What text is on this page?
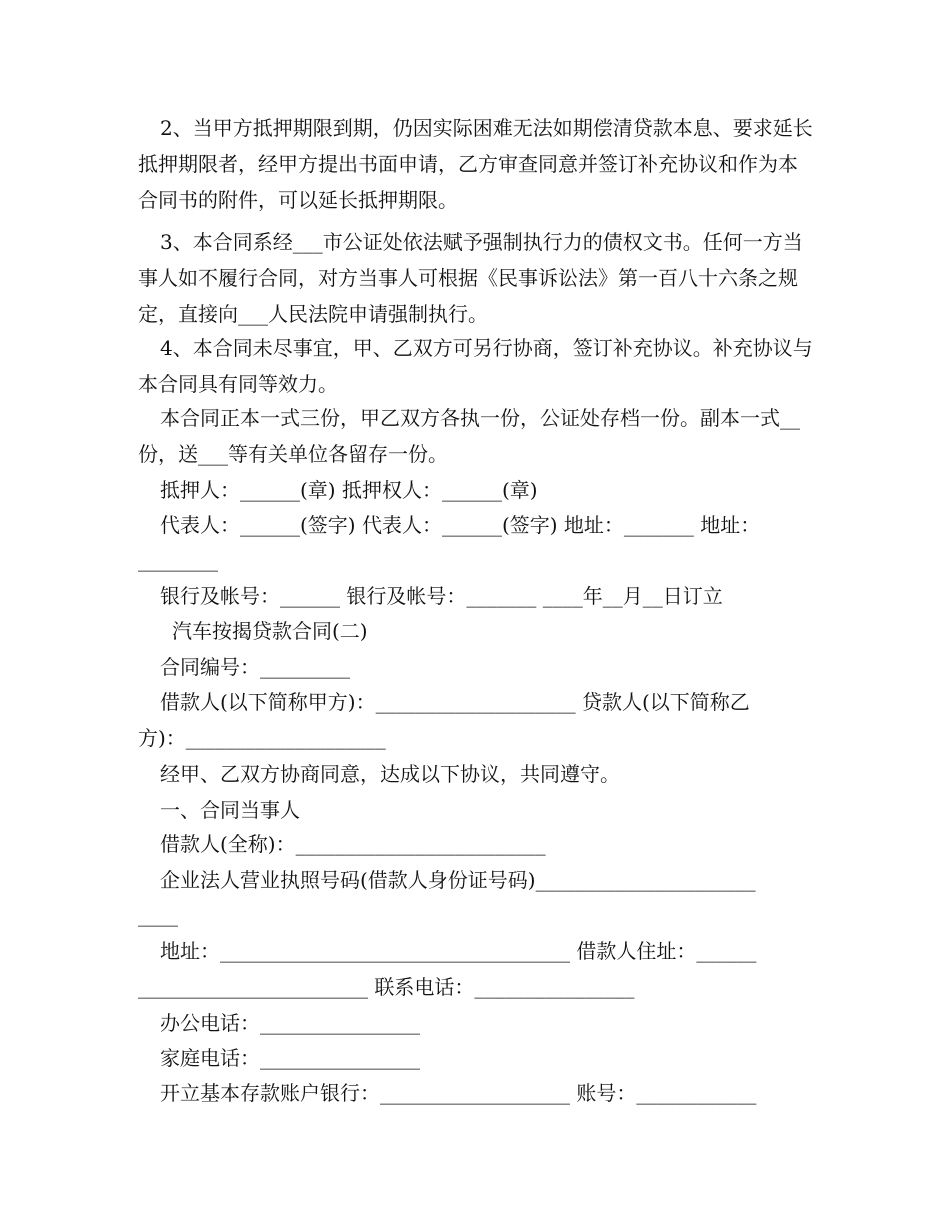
2、当甲方抵押期限到期，仍因实际困难无法如期偿清贷款本息、要求延长抵押期限者，经甲方提出书面申请，乙方审查同意并签订补充协议和作为本合同书的附件，可以延长抵押期限。
3、本合同系经___市公证处依法赋予强制执行力的债权文书。任何一方当事人如不履行合同，对方当事人可根据《民事诉讼法》第一百八十六条之规定，直接向___人民法院申请强制执行。
4、本合同未尽事宜，甲、乙双方可另行协商，签订补充协议。补充协议与本合同具有同等效力。
本合同正本一式三份，甲乙双方各执一份，公证处存档一份。副本一式__份，送___等有关单位各留存一份。
抵押人：______(章) 抵押权人：______(章)
代表人：______(签字) 代表人：______(签字) 地址：_______ 地址：
________
银行及帐号：______ 银行及帐号：_______ ____年__月__日订立
汽车按揭贷款合同(二)
合同编号：_________
借款人(以下简称甲方)：____________________ 贷款人(以下简称乙
方)：____________________
经甲、乙双方协商同意，达成以下协议，共同遵守。
一、合同当事人
借款人(全称)：_________________________
企业法人营业执照号码(借款人身份证号码)______________________
____
地址：___________________________________ 借款人住址：______
_______________________ 联系电话：________________
办公电话：________________
家庭电话：________________
开立基本存款账户银行：___________________ 账号：____________
